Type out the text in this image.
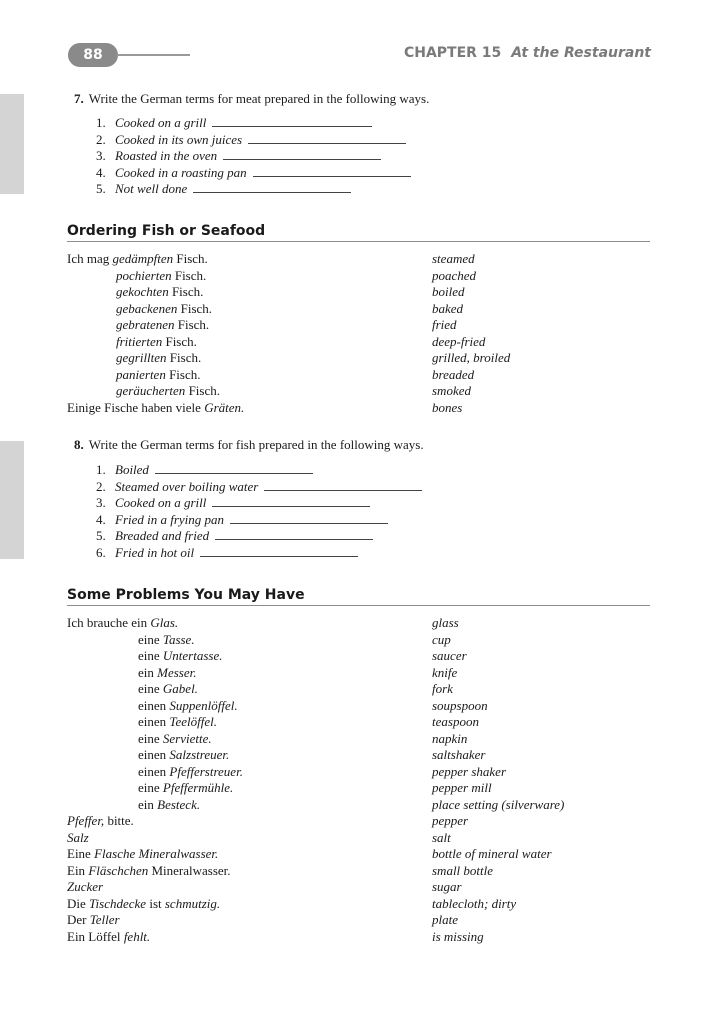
88	CHAPTER 15 At the Restaurant
7. Write the German terms for meat prepared in the following ways.
1. Cooked on a grill
2. Cooked in its own juices
3. Roasted in the oven
4. Cooked in a roasting pan
5. Not well done
Ordering Fish or Seafood
Ich mag gedämpften Fisch.	steamed
pochierten Fisch.	poached
gekochten Fisch.	boiled
gebackenen Fisch.	baked
gebratenen Fisch.	fried
fritierten Fisch.	deep-fried
gegrillten Fisch.	grilled, broiled
panierten Fisch.	breaded
geräucherten Fisch.	smoked
Einige Fische haben viele Gräten.	bones
8. Write the German terms for fish prepared in the following ways.
1. Boiled
2. Steamed over boiling water
3. Cooked on a grill
4. Fried in a frying pan
5. Breaded and fried
6. Fried in hot oil
Some Problems You May Have
Ich brauche ein Glas.	glass
eine Tasse.	cup
eine Untertasse.	saucer
ein Messer.	knife
eine Gabel.	fork
einen Suppenlöffel.	soupspoon
einen Teelöffel.	teaspoon
eine Serviette.	napkin
einen Salzstreuer.	saltshaker
einen Pfefferstreuer.	pepper shaker
eine Pfeffermühle.	pepper mill
ein Besteck.	place setting (silverware)
Pfeffer, bitte.	pepper
Salz	salt
Eine Flasche Mineralwasser.	bottle of mineral water
Ein Fläschchen Mineralwasser.	small bottle
Zucker	sugar
Die Tischdecke ist schmutzig.	tablecloth; dirty
Der Teller	plate
Ein Löffel fehlt.	is missing
